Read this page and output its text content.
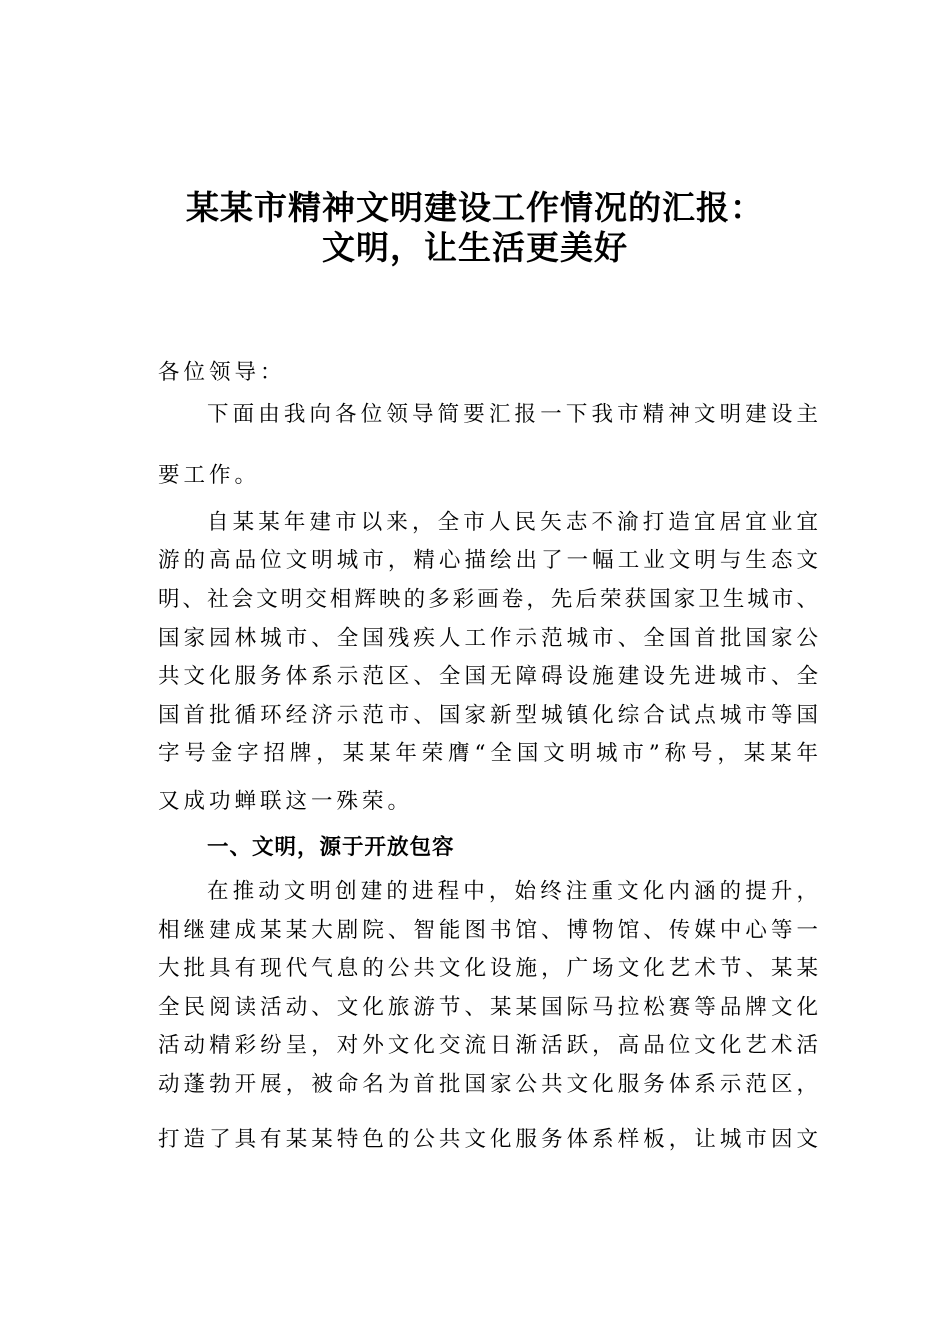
某某市精神文明建设工作情况的汇报：
文明，让生活更美好
各位领导：
下面由我向各位领导简要汇报一下我市精神文明建设主
要工作。
自某某年建市以来，全市人民矢志不渝打造宜居宜业宜
游的高品位文明城市，精心描绘出了一幅工业文明与生态文
明、社会文明交相辉映的多彩画卷，先后荣获国家卫生城市、
国家园林城市、全国残疾人工作示范城市、全国首批国家公
共文化服务体系示范区、全国无障碍设施建设先进城市、全
国首批循环经济示范市、国家新型城镇化综合试点城市等国
字号金字招牌，某某年荣膺“全国文明城市”称号，某某年
又成功蝉联这一殊荣。
一、文明，源于开放包容
在推动文明创建的进程中，始终注重文化内涵的提升，
相继建成某某大剧院、智能图书馆、博物馆、传媒中心等一
大批具有现代气息的公共文化设施，广场文化艺术节、某某
全民阅读活动、文化旅游节、某某国际马拉松赛等品牌文化
活动精彩纷呈，对外文化交流日渐活跃，高品位文化艺术活
动蓬勃开展，被命名为首批国家公共文化服务体系示范区，
打造了具有某某特色的公共文化服务体系样板，让城市因文
